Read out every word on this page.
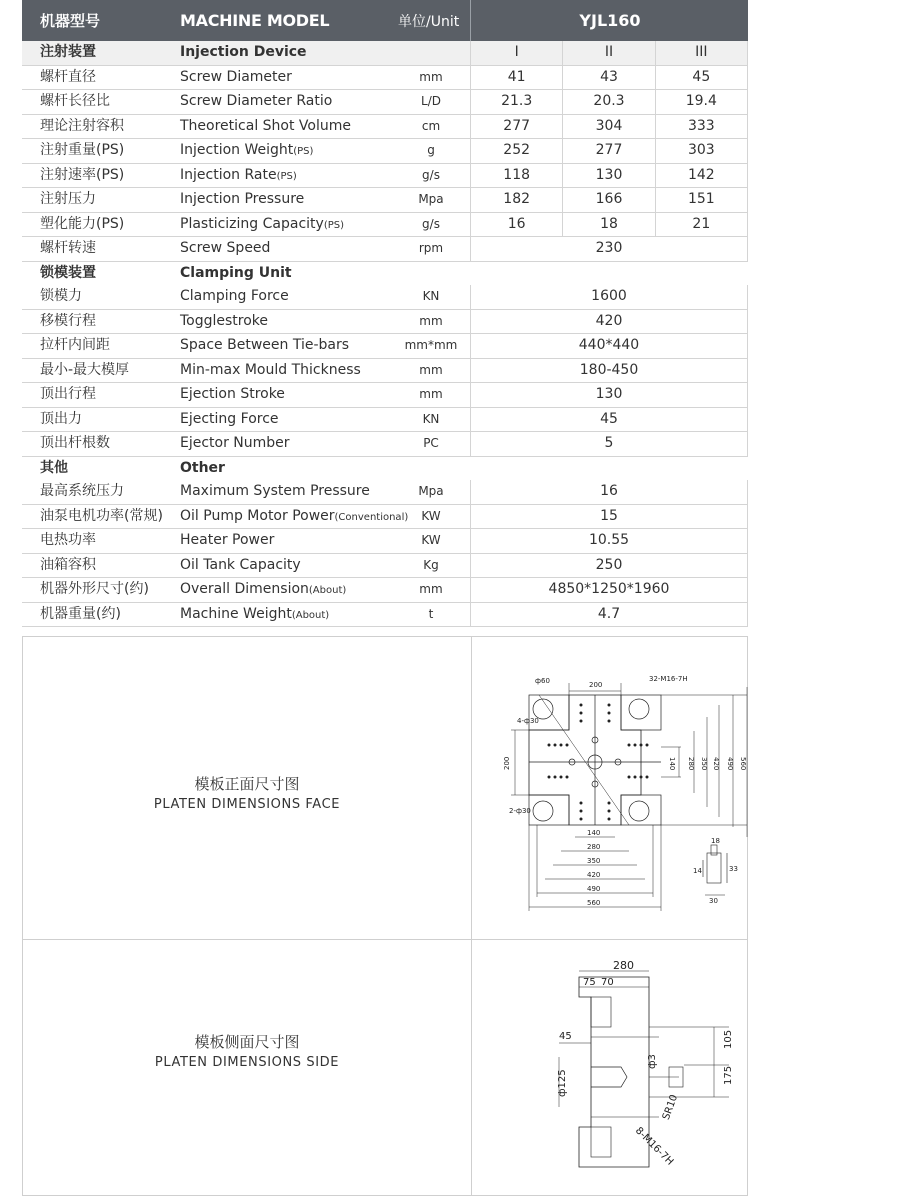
机器型号	MACHINE MODEL	单位/Unit	YJL160
注射装置	Injection Device	I	II	III
螺杆直径	Screw Diameter	mm	41	43	45
螺杆长径比	Screw Diameter Ratio	L/D	21.3	20.3	19.4
理论注射容积	Theoretical Shot Volume	cm	277	304	333
注射重量(PS)	Injection Weight(PS)	g	252	277	303
注射速率(PS)	Injection Rate(PS)	g/s	118	130	142
注射压力	Injection Pressure	Mpa	182	166	151
塑化能力(PS)	Plasticizing Capacity(PS)	g/s	16	18	21
螺杆转速	Screw Speed	rpm	230
锁模装置	Clamping Unit
锁模力	Clamping Force	KN	1600
移模行程	Togglestroke	mm	420
拉杆内间距	Space Between Tie-bars	mm*mm	440*440
最小-最大模厚	Min-max Mould Thickness	mm	180-450
顶出行程	Ejection Stroke	mm	130
顶出力	Ejecting Force	KN	45
顶出杆根数	Ejector Number	PC	5
其他	Other
最高系统压力	Maximum System Pressure	Mpa	16
油泵电机功率(常规) Oil Pump Motor Power(Conventional)	KW	15
电热功率	Heater Power	KW	10.55
油箱容积	Oil Tank Capacity	Kg	250
机器外形尺寸(约) Overall Dimension(About)	mm	4850*1250*1960
机器重量(约)	Machine Weight(About)	t	4.7
模板正面尺寸图
PLATEN DIMENSIONS FACE
模板侧面尺寸图
PLATEN DIMENSIONS SIDE
ф60	200
32-M16-7H
4-ф30
2-ф30
200	140 280 350 420 490 560
140
280
350
420
490
560
18
14	33
30
280
75 70
45
ф125
ф3
105
175
SR10
8-M16-7H
